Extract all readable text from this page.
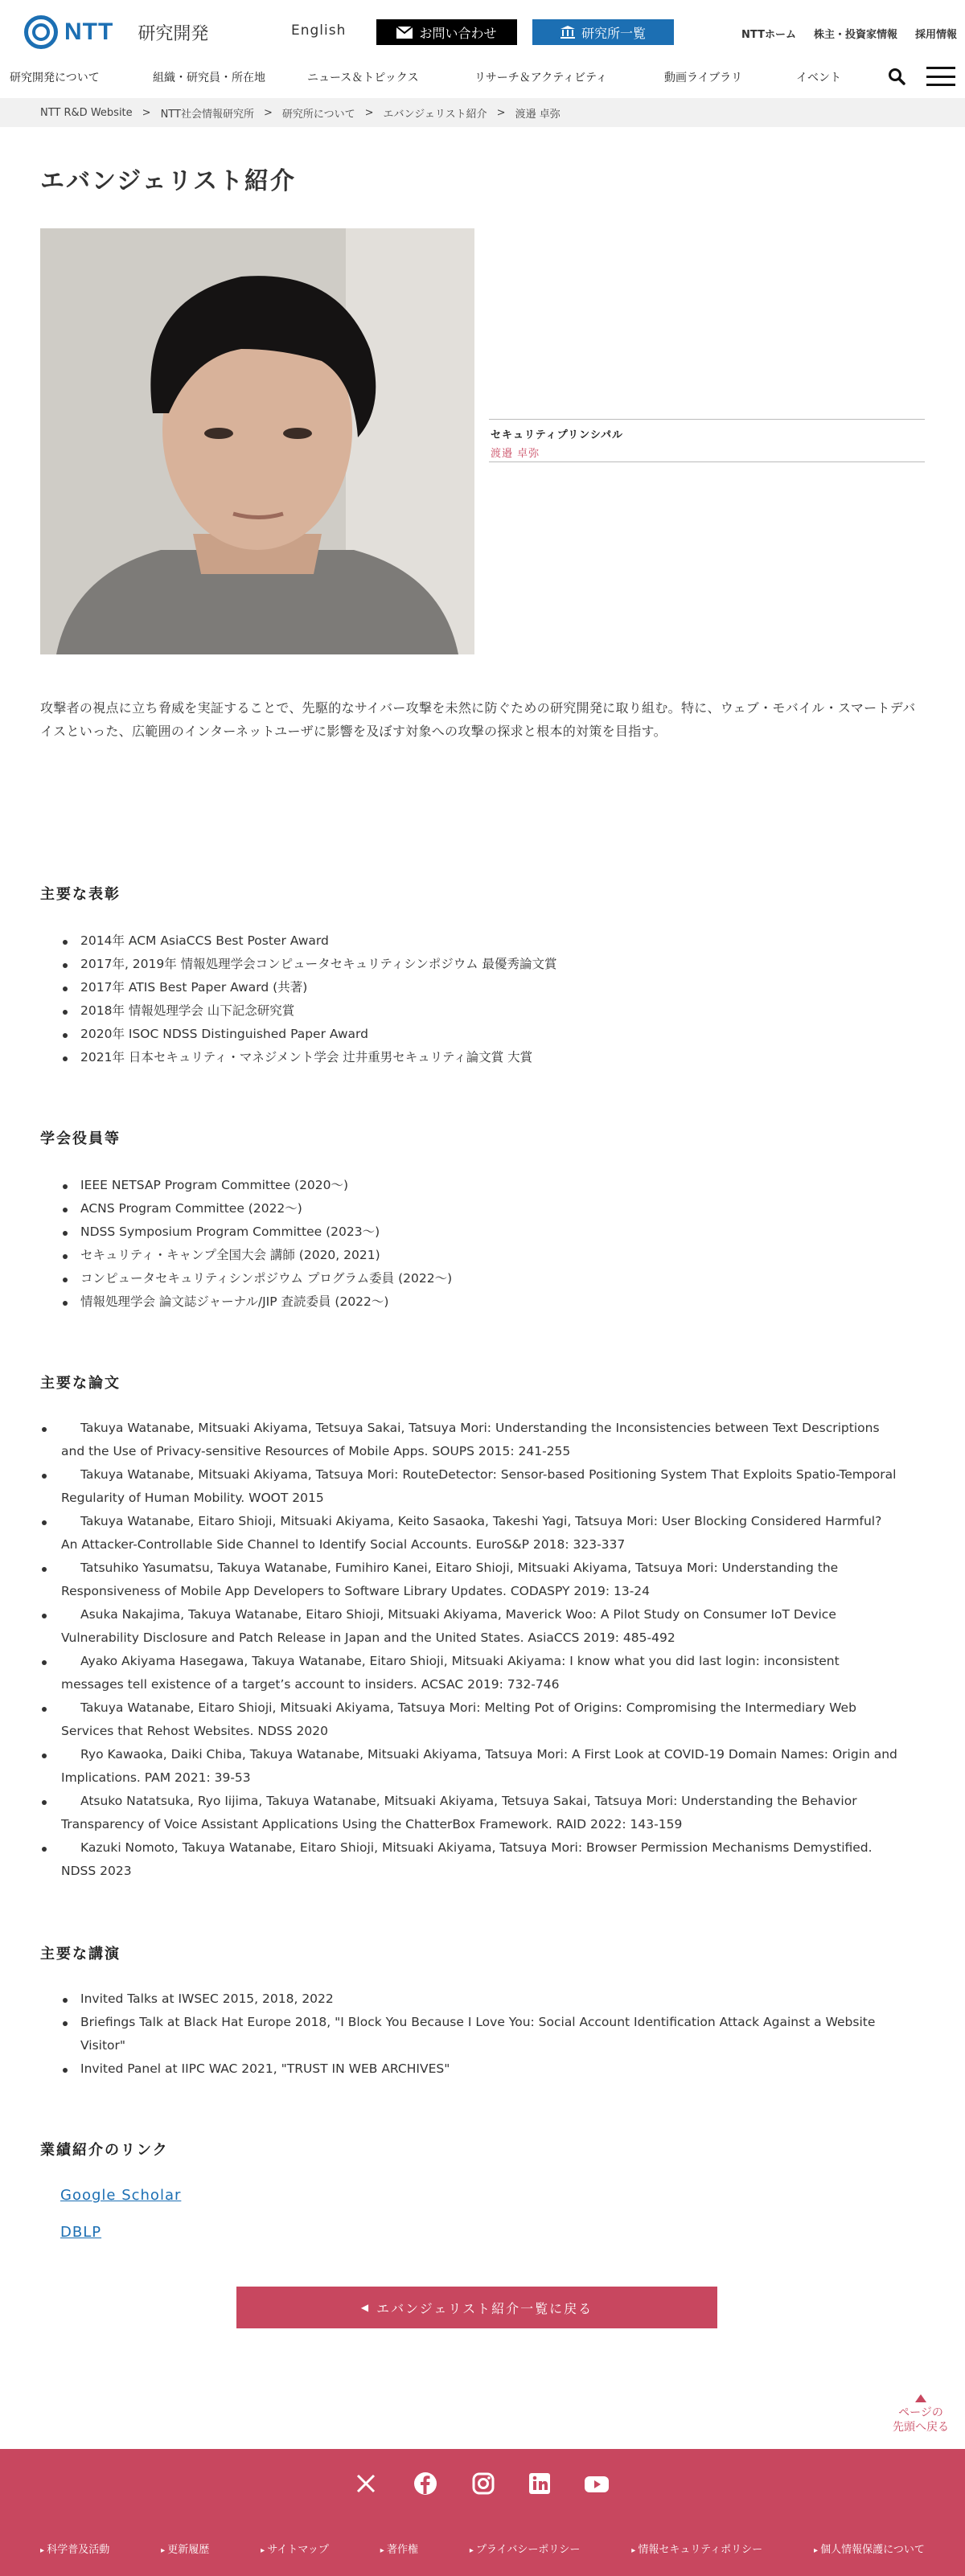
NTT 研究開発	English	お問い合わせ	研究所一覧	NTTホーム 株主・投資家情報 採用情報
研究開発について	組織・研究員・所在地	ニュース＆トピックス	リサーチ＆アクティビティ	動画ライブラリ	イベント
NTT R&D Website > NTT社会情報研究所 > 研究所について > エバンジェリスト紹介 > 渡邉 卓弥
エバンジェリスト紹介
セキュリティプリンシパル
渡邉 卓弥

攻撃者の視点に立ち脅威を実証することで、先駆的なサイバー攻撃を未然に防ぐための研究開発に取り組む。特に、ウェブ・モバイル・スマートデバイスといった、広範囲のインターネットユーザに影響を及ぼす対象への攻撃の探求と根本的対策を目指す。

主要な表彰
2014年 ACM AsiaCCS Best Poster Award
2017年, 2019年 情報処理学会コンピュータセキュリティシンポジウム 最優秀論文賞
2017年 ATIS Best Paper Award (共著)
2018年 情報処理学会 山下記念研究賞
2020年 ISOC NDSS Distinguished Paper Award
2021年 日本セキュリティ・マネジメント学会 辻井重男セキュリティ論文賞 大賞
学会役員等
IEEE NETSAP Program Committee (2020〜)
ACNS Program Committee (2022〜)
NDSS Symposium Program Committee (2023〜)
セキュリティ・キャンプ全国大会 講師 (2020, 2021)
コンピュータセキュリティシンポジウム プログラム委員 (2022〜)
情報処理学会 論文誌ジャーナル/JIP 査読委員 (2022〜)
主要な論文
Takuya Watanabe, Mitsuaki Akiyama, Tetsuya Sakai, Tatsuya Mori: Understanding the Inconsistencies between Text Descriptions and the Use of Privacy-sensitive Resources of Mobile Apps. SOUPS 2015: 241-255
Takuya Watanabe, Mitsuaki Akiyama, Tatsuya Mori: RouteDetector: Sensor-based Positioning System That Exploits Spatio-Temporal Regularity of Human Mobility. WOOT 2015
Takuya Watanabe, Eitaro Shioji, Mitsuaki Akiyama, Keito Sasaoka, Takeshi Yagi, Tatsuya Mori: User Blocking Considered Harmful? An Attacker-Controllable Side Channel to Identify Social Accounts. EuroS&P 2018: 323-337
Tatsuhiko Yasumatsu, Takuya Watanabe, Fumihiro Kanei, Eitaro Shioji, Mitsuaki Akiyama, Tatsuya Mori: Understanding the Responsiveness of Mobile App Developers to Software Library Updates. CODASPY 2019: 13-24
Asuka Nakajima, Takuya Watanabe, Eitaro Shioji, Mitsuaki Akiyama, Maverick Woo: A Pilot Study on Consumer IoT Device Vulnerability Disclosure and Patch Release in Japan and the United States. AsiaCCS 2019: 485-492
Ayako Akiyama Hasegawa, Takuya Watanabe, Eitaro Shioji, Mitsuaki Akiyama: I know what you did last login: inconsistent messages tell existence of a target’s account to insiders. ACSAC 2019: 732-746
Takuya Watanabe, Eitaro Shioji, Mitsuaki Akiyama, Tatsuya Mori: Melting Pot of Origins: Compromising the Intermediary Web Services that Rehost Websites. NDSS 2020
Ryo Kawaoka, Daiki Chiba, Takuya Watanabe, Mitsuaki Akiyama, Tatsuya Mori: A First Look at COVID-19 Domain Names: Origin and Implications. PAM 2021: 39-53
Atsuko Natatsuka, Ryo Iijima, Takuya Watanabe, Mitsuaki Akiyama, Tetsuya Sakai, Tatsuya Mori: Understanding the Behavior Transparency of Voice Assistant Applications Using the ChatterBox Framework. RAID 2022: 143-159
Kazuki Nomoto, Takuya Watanabe, Eitaro Shioji, Mitsuaki Akiyama, Tatsuya Mori: Browser Permission Mechanisms Demystified. NDSS 2023
主要な講演
Invited Talks at IWSEC 2015, 2018, 2022
Briefings Talk at Black Hat Europe 2018, "I Block You Because I Love You: Social Account Identification Attack Against a Website Visitor"
Invited Panel at IIPC WAC 2021, "TRUST IN WEB ARCHIVES"
業績紹介のリンク
Google Scholar
DBLP
◀ エバンジェリスト紹介一覧に戻る
ページの
先頭へ戻る
▸ 科学普及活動	▸ 更新履歴	▸ サイトマップ	▸ 著作権	▸ プライバシーポリシー	▸ 情報セキュリティポリシー	▸ 個人情報保護について
